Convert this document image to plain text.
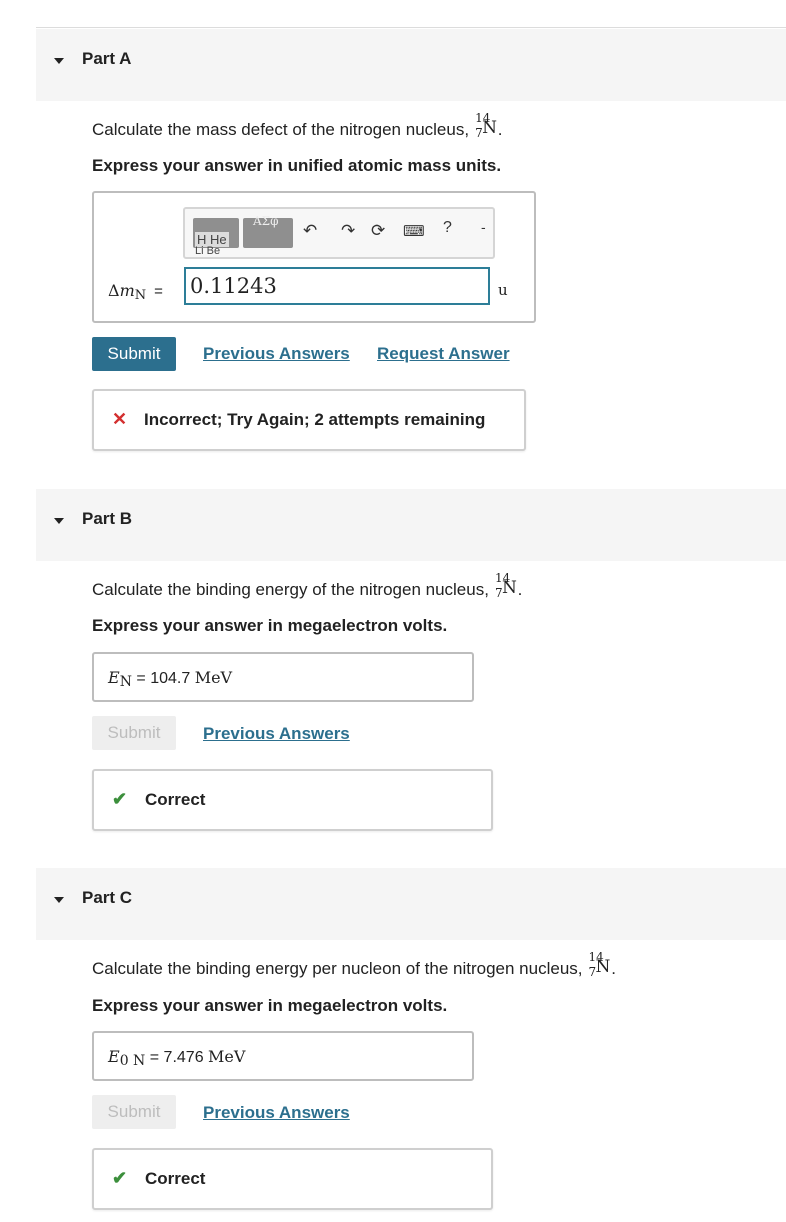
Part A
Calculate the mass defect of the nitrogen nucleus,
14
7 N .
Express your answer in unified atomic mass units.
H He
Li Be
AΣφ ↶ ↷ ⟳ ⌨ ? -
ΔmN =
0.11243	u
Submit	Previous Answers Request Answer
✕ Incorrect; Try Again; 2 attempts remaining
Part B
Calculate the binding energy of the nitrogen nucleus,
14
7 N .
Express your answer in megaelectron volts.
EN = 104.7 MeV
Submit	Previous Answers
✔ Correct
Part C
Calculate the binding energy per nucleon of the nitrogen nucleus,
14
7 N .
Express your answer in megaelectron volts.
E0 N = 7.476 MeV
Submit	Previous Answers
✔ Correct
